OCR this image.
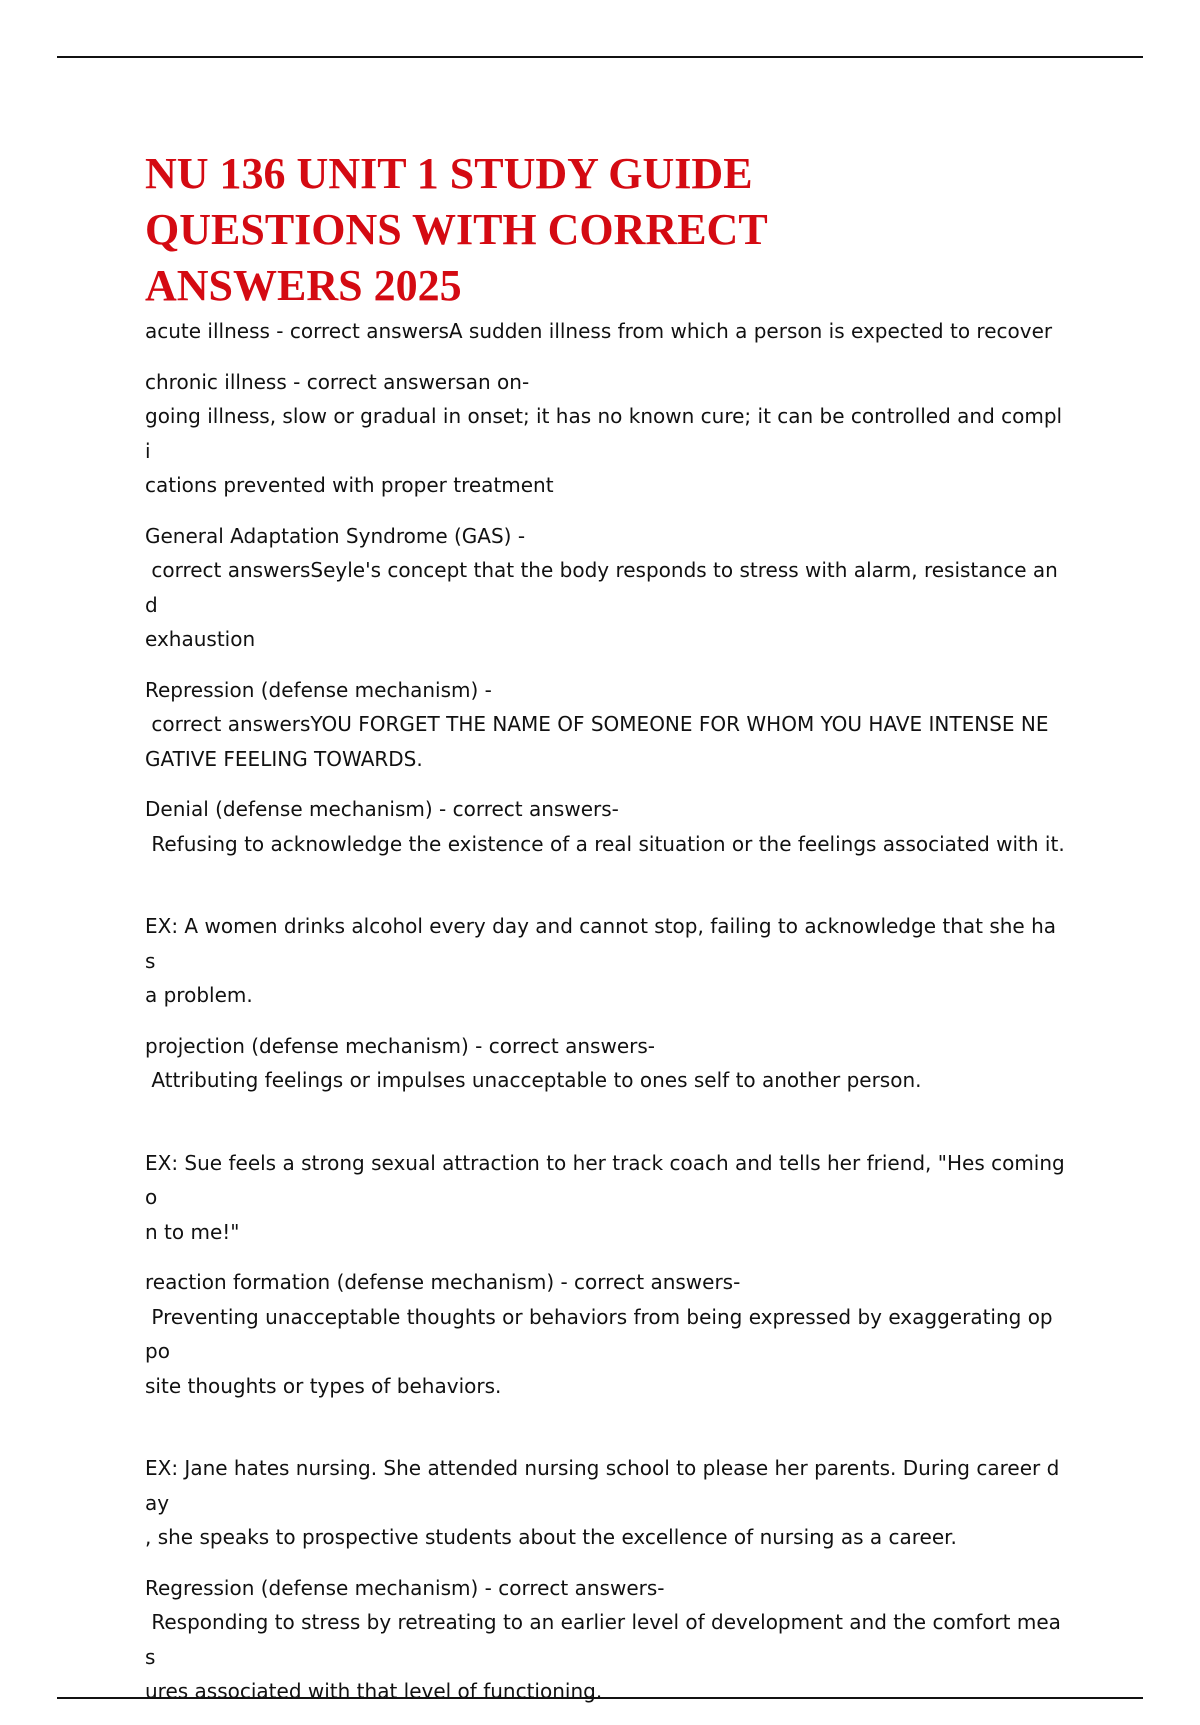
NU 136 UNIT 1 STUDY GUIDE QUESTIONS WITH CORRECT ANSWERS 2025

acute illness - correct answersA sudden illness from which a person is expected to recover

chronic illness - correct answersan on-
going illness, slow or gradual in onset; it has no known cure; it can be controlled and compli
cations prevented with proper treatment

General Adaptation Syndrome (GAS) -
correct answersSeyle's concept that the body responds to stress with alarm, resistance and
exhaustion

Repression (defense mechanism) -
correct answersYOU FORGET THE NAME OF SOMEONE FOR WHOM YOU HAVE INTENSE NE
GATIVE FEELING TOWARDS.

Denial (defense mechanism) - correct answers-
Refusing to acknowledge the existence of a real situation or the feelings associated with it.

EX: A women drinks alcohol every day and cannot stop, failing to acknowledge that she has
a problem.

projection (defense mechanism) - correct answers-
Attributing feelings or impulses unacceptable to ones self to another person.

EX: Sue feels a strong sexual attraction to her track coach and tells her friend, "Hes coming o
n to me!"

reaction formation (defense mechanism) - correct answers-
Preventing unacceptable thoughts or behaviors from being expressed by exaggerating oppo
site thoughts or types of behaviors.

EX: Jane hates nursing. She attended nursing school to please her parents. During career day
, she speaks to prospective students about the excellence of nursing as a career.

Regression (defense mechanism) - correct answers-
Responding to stress by retreating to an earlier level of development and the comfort meas
ures associated with that level of functioning.
